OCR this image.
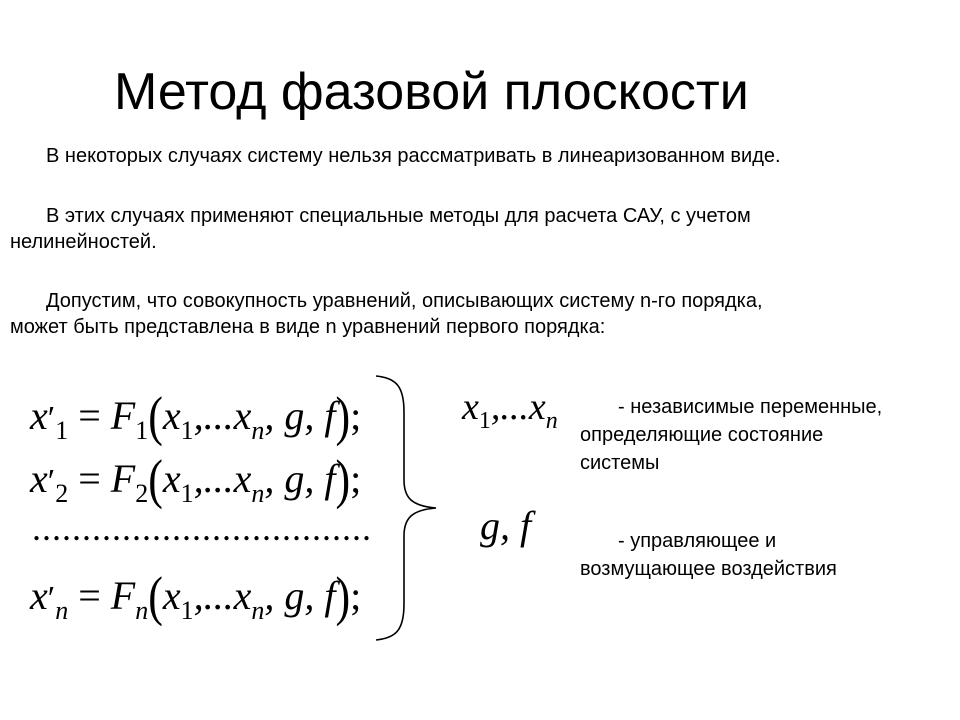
Метод фазовой плоскости
В некоторых случаях систему нельзя рассматривать в линеаризованном виде.
В этих случаях применяют специальные методы для расчета САУ, с учетом
нелинейностей.
Допустим, что совокупность уравнений, описывающих систему n-го порядка,
может быть представлена в виде n уравнений первого порядка:
$x'_1 = F_1(x_1,...x_n$, g, f);
$x'_2 = F_2(x_1,...x_n$, g, f);
..................................
$x'_n = F_n(x_1,...x_n$, g, f);
$x_1,...x_n$
- независимые переменные,
определяющие состояние
системы
g, f	- управляющее и
возмущающее воздействия
